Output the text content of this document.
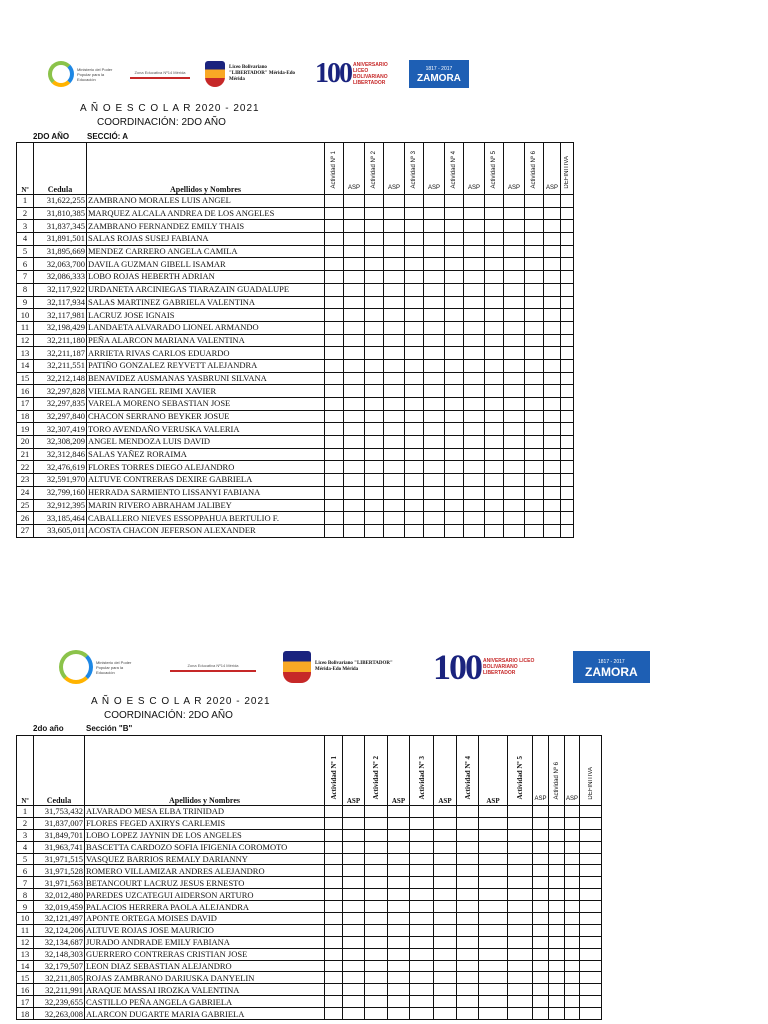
Ministerio del Poder Popular para la Educación
Zona Educativa Nº14 Mérida
Liceo Bolivariano "LIBERTADOR" Mérida-Edo Mérida	100 ANIVERSARIO LICEO BOLIVARIANO LIBERTADOR
1817 - 2017
ZAMORA
A Ñ O E S C O L A R 2020 - 2021
COORDINACIÓN: 2DO AÑO
2DO AÑO SECCIÓ: A
Nº	Cedula	Apellidos y Nombres	Actividad Nº 1	ASP	Actividad Nº 2	ASP	Actividad Nº 3	ASP	Actividad Nº 4	ASP	Actividad Nº 5	ASP	Actividad Nº 6	ASP	DEFINITIVA
1	31,622,255	ZAMBRANO MORALES LUIS ANGEL													
2	31,810,385	MARQUEZ ALCALA ANDREA DE LOS ANGELES													
3	31,837,345	ZAMBRANO FERNANDEZ EMILY THAIS													
4	31,891,501	SALAS ROJAS SUSEJ FABIANA													
5	31,895,669	MENDEZ CARRERO ANGELA CAMILA													
6	32,063,700	DAVILA GUZMAN GIBELL ISAMAR													
7	32,086,333	LOBO ROJAS HEBERTH ADRIAN													
8	32,117,922	URDANETA ARCINIEGAS TIARAZAIN GUADALUPE													
9	32,117,934	SALAS MARTINEZ GABRIELA VALENTINA													
10	32,117,981	LACRUZ JOSE IGNAIS													
11	32,198,429	LANDAETA ALVARADO LIONEL ARMANDO													
12	32,211,180	PEÑA ALARCON MARIANA VALENTINA													
13	32,211,187	ARRIETA RIVAS CARLOS EDUARDO													
14	32,211,551	PATIÑO GONZALEZ REYVETT ALEJANDRA													
15	32,212,148	BENAVIDEZ AUSMANAS YASBRUNI SILVANA													
16	32,297,828	VIELMA RANGEL REIMI XAVIER													
17	32,297,835	VARELA MORENO SEBASTIAN JOSE													
18	32,297,840	CHACON SERRANO BEYKER JOSUE													
19	32,307,419	TORO AVENDAÑO VERUSKA VALERIA													
20	32,308,209	ANGEL MENDOZA LUIS DAVID													
21	32,312,846	SALAS YAÑEZ RORAIMA													
22	32,476,619	FLORES TORRES DIEGO ALEJANDRO													
23	32,591,970	ALTUVE CONTRERAS DEXIRE GABRIELA													
24	32,799,160	HERRADA SARMIENTO LISSANYI FABIANA													
25	32,912,395	MARIN RIVERO ABRAHAM JALIBEY													
26	33,185,464	CABALLERO NIEVES ESSOPPAHUA BERTULIO F.													
27	33,605,011	ACOSTA CHACON JEFERSON ALEXANDER													
Ministerio del Poder Popular para la Educación
Zona Educativa Nº14 Mérida	Liceo Bolivariano "LIBERTADOR" Mérida-Edo Mérida	100 ANIVERSARIO LICEO BOLIVARIANO LIBERTADOR
1817 - 2017
ZAMORA
A Ñ O E S C O L A R 2020 - 2021
COORDINACIÓN: 2DO AÑO
2do año	Sección "B"
Nº	Cedula	Apellidos y Nombres	Actividad Nº 1	ASP	Actividad Nº 2	ASP	Actividad Nº 3	ASP	Actividad Nº 4	ASP	Actividad Nº 5	ASP	Actividad Nº 6	ASP	DEFINITIVA
1	31,753,432	ALVARADO MESA ELBA TRINIDAD													
2	31,837,007	FLORES FEGED AXIRYS CARLEMIS													
3	31,849,701	LOBO LOPEZ JAYNIN DE LOS ANGELES													
4	31,963,741	BASCETTA CARDOZO SOFIA IFIGENIA COROMOTO													
5	31,971,515	VASQUEZ BARRIOS REMALY DARIANNY													
6	31,971,528	ROMERO VILLAMIZAR ANDRES ALEJANDRO													
7	31,971,563	BETANCOURT LACRUZ JESUS ERNESTO													
8	32,012,480	PAREDES UZCATEGUI AIDERSON ARTURO													
9	32,019,459	PALACIOS HERRERA PAOLA ALEJANDRA													
10	32,121,497	APONTE ORTEGA MOISES DAVID													
11	32,124,206	ALTUVE ROJAS JOSE MAURICIO													
12	32,134,687	JURADO ANDRADE EMILY FABIANA													
13	32,148,303	GUERRERO CONTRERAS CRISTIAN JOSE													
14	32,179,507	LEON DIAZ SEBASTIAN ALEJANDRO													
15	32,211,805	ROJAS ZAMBRANO DARIUSKA DANYELIN													
16	32,211,991	ARAQUE MASSAI IROZKA VALENTINA													
17	32,239,655	CASTILLO PEÑA ANGELA GABRIELA													
18	32,263,008	ALARCON DUGARTE MARIA GABRIELA													
